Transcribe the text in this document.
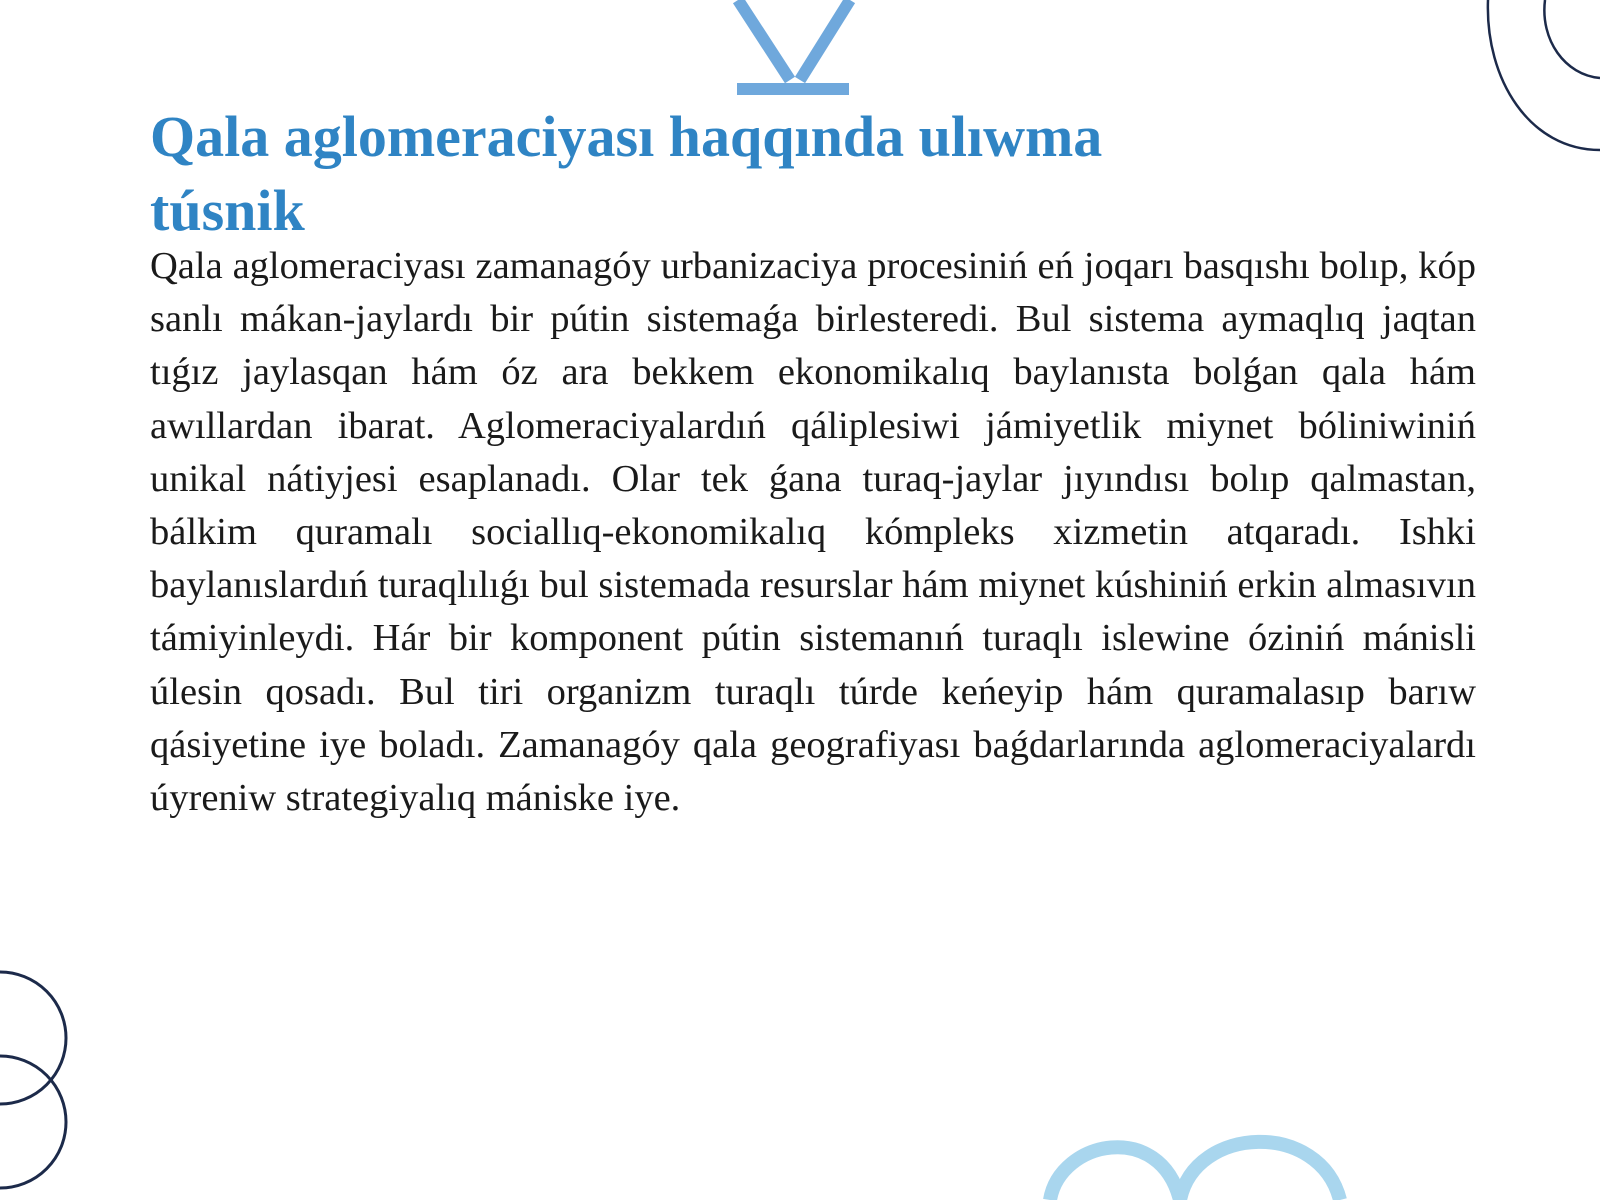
Qala aglomeraciyası haqqında ulıwma túsnik

Qala aglomeraciyası zamanagóy urbanizaciya procesiniń eń joqarı basqıshı bolıp, kóp sanlı mákan-jaylardı bir pútin sistemaǵa birlesteredi. Bul sistema aymaqlıq jaqtan tıǵız jaylasqan hám óz ara bekkem ekonomikalıq baylanısta bolǵan qala hám awıllardan ibarat. Aglomeraciyalardıń qáliplesiwi jámiyetlik miynet bóliniwiniń unikal nátiyjesi esaplanadı. Olar tek ǵana turaq-jaylar jıyındısı bolıp qalmastan, bálkim quramalı sociallıq-ekonomikalıq kómpleks xizmetin atqaradı. Ishki baylanıslardıń turaqlılıǵı bul sistemada resurslar hám miynet kúshiniń erkin almasıvın támiyinleydi. Hár bir komponent pútin sistemanıń turaqlı islewine óziniń mánisli úlesin qosadı. Bul tiri organizm turaqlı túrde keńeyip hám quramalasıp barıw qásiyetine iye boladı. Zamanagóy qala geografiyası baǵdarlarında aglomeraciyalardı úyreniw strategiyalıq mániske iye.
